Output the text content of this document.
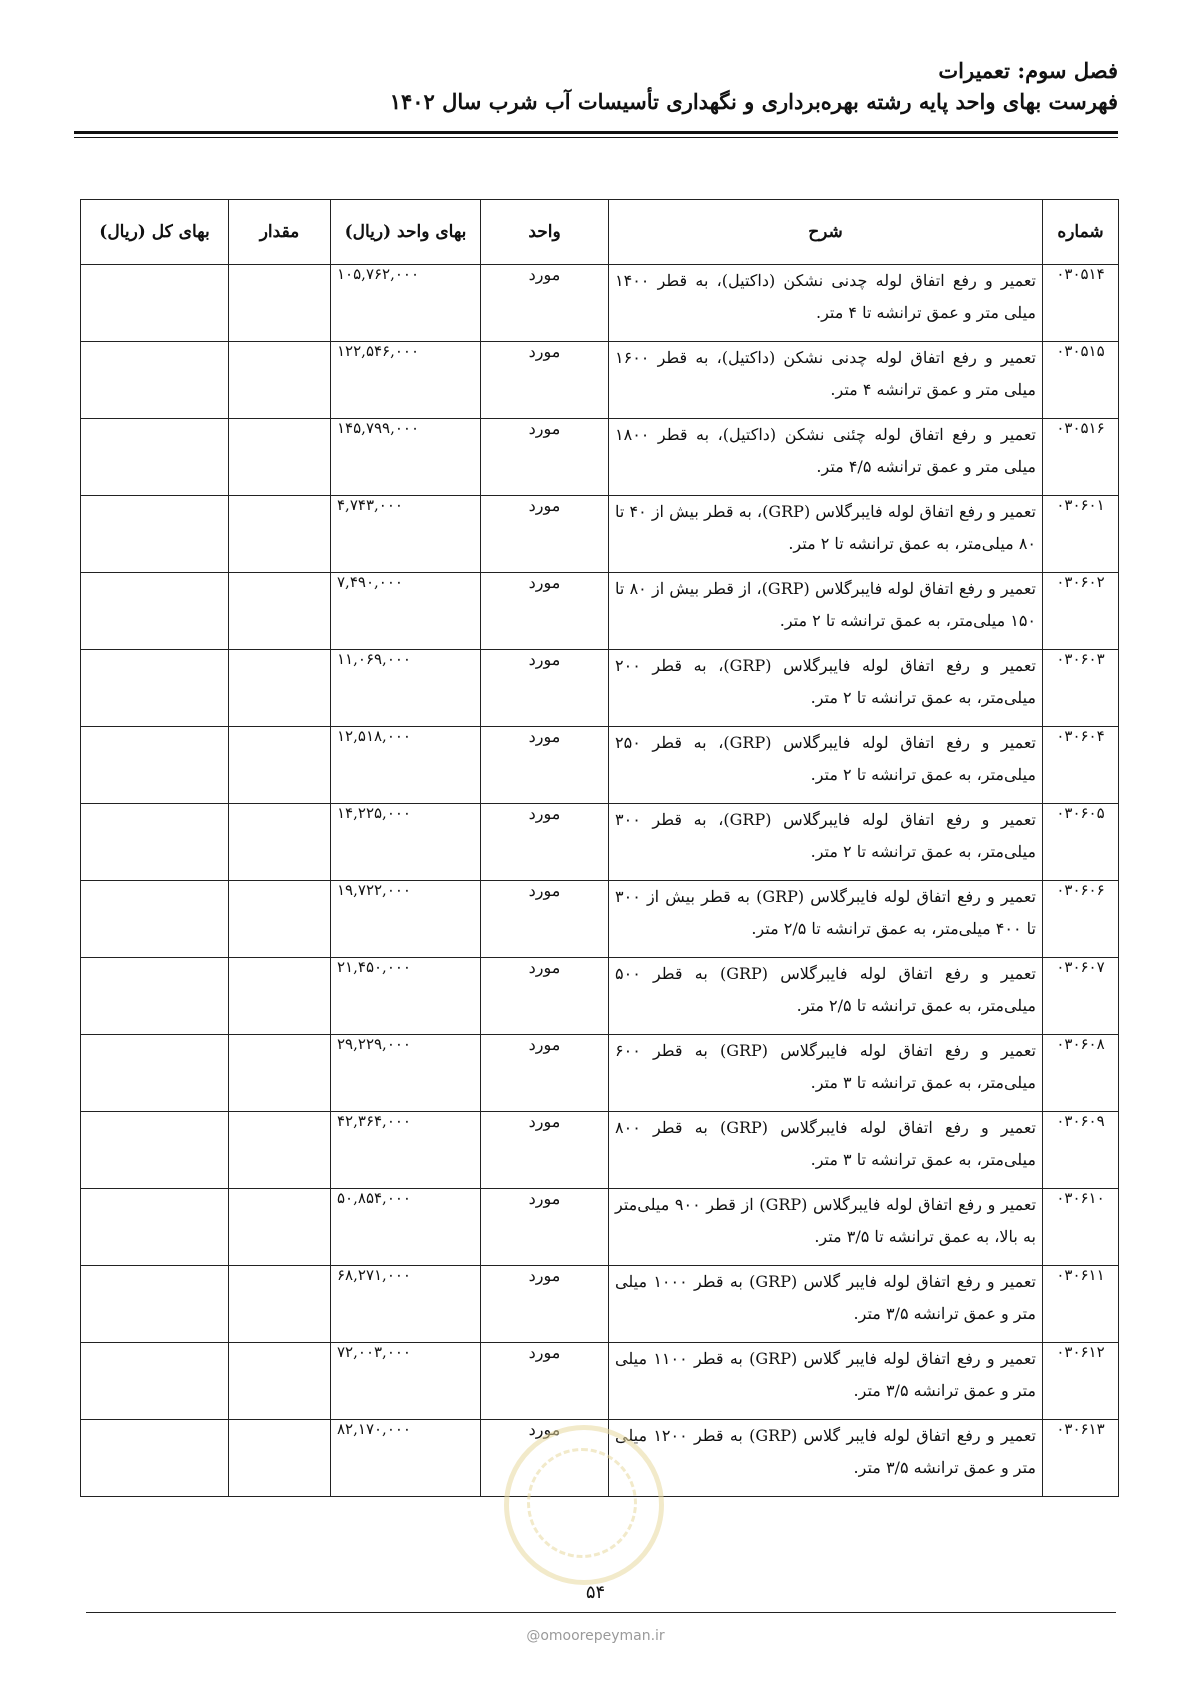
فصل سوم: تعمیرات
فهرست بهای واحد پایه رشته بهره‌برداری و نگهداری تأسیسات آب شرب سال ۱۴۰۲
شماره	شرح	واحد	بهای واحد (ریال)	مقدار	بهای کل (ریال)
۰۳۰۵۱۴	تعمیر و رفع اتفاق لوله چدنی نشکن (داکتیل)، به قطر ۱۴۰۰ میلی متر و عمق ترانشه تا ۴ متر.	مورد	۱۰۵,۷۶۲,۰۰۰		
۰۳۰۵۱۵	تعمیر و رفع اتفاق لوله چدنی نشکن (داکتیل)، به قطر ۱۶۰۰ میلی متر و عمق ترانشه ۴ متر.	مورد	۱۲۲,۵۴۶,۰۰۰		
۰۳۰۵۱۶	تعمیر و رفع اتفاق لوله چئنی نشکن (داکتیل)، به قطر ۱۸۰۰ میلی متر و عمق ترانشه ۴/۵ متر.	مورد	۱۴۵,۷۹۹,۰۰۰		
۰۳۰۶۰۱	تعمیر و رفع اتفاق لوله فایبرگلاس (GRP)، به قطر بیش از ۴۰ تا ۸۰ میلی‌متر، به عمق ترانشه تا ۲ متر.	مورد	۴,۷۴۳,۰۰۰		
۰۳۰۶۰۲	تعمیر و رفع اتفاق لوله فایبرگلاس (GRP)، از قطر بیش از ۸۰ تا ۱۵۰ میلی‌متر، به عمق ترانشه تا ۲ متر.	مورد	۷,۴۹۰,۰۰۰		
۰۳۰۶۰۳	تعمیر و رفع اتفاق لوله فایبرگلاس (GRP)، به قطر ۲۰۰ میلی‌متر، به عمق ترانشه تا ۲ متر.	مورد	۱۱,۰۶۹,۰۰۰		
۰۳۰۶۰۴	تعمیر و رفع اتفاق لوله فایبرگلاس (GRP)، به قطر ۲۵۰ میلی‌متر، به عمق ترانشه تا ۲ متر.	مورد	۱۲,۵۱۸,۰۰۰		
۰۳۰۶۰۵	تعمیر و رفع اتفاق لوله فایبرگلاس (GRP)، به قطر ۳۰۰ میلی‌متر، به عمق ترانشه تا ۲ متر.	مورد	۱۴,۲۲۵,۰۰۰		
۰۳۰۶۰۶	تعمیر و رفع اتفاق لوله فایبرگلاس (GRP) به قطر بیش از ۳۰۰ تا ۴۰۰ میلی‌متر، به عمق ترانشه تا ۲/۵ متر.	مورد	۱۹,۷۲۲,۰۰۰		
۰۳۰۶۰۷	تعمیر و رفع اتفاق لوله فایبرگلاس (GRP) به قطر ۵۰۰ میلی‌متر، به عمق ترانشه تا ۲/۵ متر.	مورد	۲۱,۴۵۰,۰۰۰		
۰۳۰۶۰۸	تعمیر و رفع اتفاق لوله فایبرگلاس (GRP) به قطر ۶۰۰ میلی‌متر، به عمق ترانشه تا ۳ متر.	مورد	۲۹,۲۲۹,۰۰۰		
۰۳۰۶۰۹	تعمیر و رفع اتفاق لوله فایبرگلاس (GRP) به قطر ۸۰۰ میلی‌متر، به عمق ترانشه تا ۳ متر.	مورد	۴۲,۳۶۴,۰۰۰		
۰۳۰۶۱۰	تعمیر و رفع اتفاق لوله فایبرگلاس (GRP) از قطر ۹۰۰ میلی‌متر به بالا، به عمق ترانشه تا ۳/۵ متر.	مورد	۵۰,۸۵۴,۰۰۰		
۰۳۰۶۱۱	تعمیر و رفع اتفاق لوله فایبر گلاس (GRP) به قطر ۱۰۰۰ میلی متر و عمق ترانشه ۳/۵ متر.	مورد	۶۸,۲۷۱,۰۰۰		
۰۳۰۶۱۲	تعمیر و رفع اتفاق لوله فایبر گلاس (GRP) به قطر ۱۱۰۰ میلی متر و عمق ترانشه ۳/۵ متر.	مورد	۷۲,۰۰۳,۰۰۰		
۰۳۰۶۱۳	تعمیر و رفع اتفاق لوله فایبر گلاس (GRP) به قطر ۱۲۰۰ میلی متر و عمق ترانشه ۳/۵ متر.	مورد	۸۲,۱۷۰,۰۰۰		
۵۴
@omoorepeyman.ir
